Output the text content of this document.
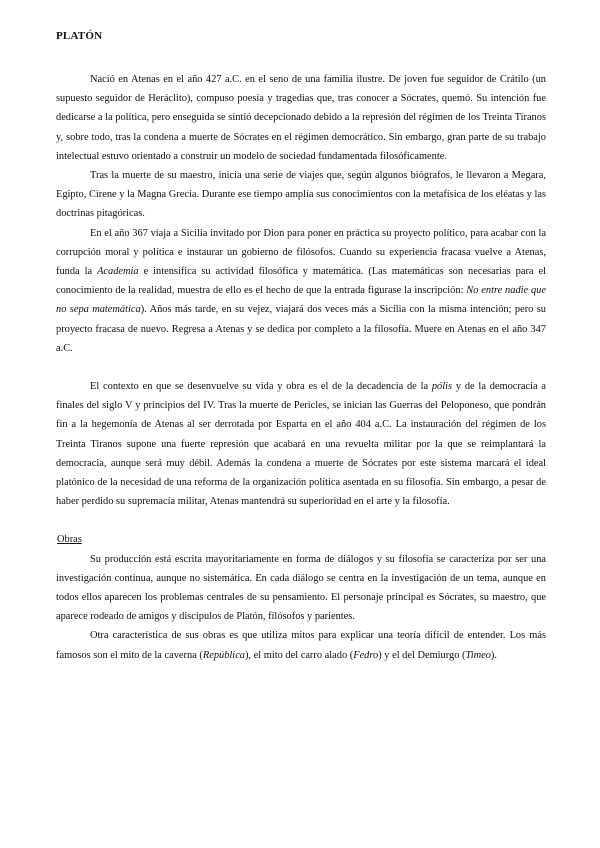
PLATÓN

Nació en Atenas en el año 427 a.C. en el seno de una familia ilustre. De joven fue seguidor de Crátilo (un supuesto seguidor de Heráclito), compuso poesía y tragedias que, tras conocer a Sócrates, quemó. Su intención fue dedicarse a la política, pero enseguida se sintió decepcionado debido a la represión del régimen de los Treinta Tiranos y, sobre todo, tras la condena a muerte de Sócrates en el régimen democrático. Sin embargo, gran parte de su trabajo intelectual estuvo orientado a construir un modelo de sociedad fundamentada filosóficamente.

Tras la muerte de su maestro, inicia una serie de viajes que, según algunos biógrafos, le llevaron a Megara, Egipto, Cirene y la Magna Grecia. Durante ese tiempo amplía sus conocimientos con la metafísica de los eléatas y las doctrinas pitagóricas.

En el año 367 viaja a Sicilia invitado por Dion para poner en práctica su proyecto político, para acabar con la corrupción moral y política e instaurar un gobierno de filósofos. Cuando su experiencia fracasa vuelve a Atenas, funda la Academia e intensifica su actividad filosófica y matemática. (Las matemáticas son necesarias para el conocimiento de la realidad, muestra de ello es el hecho de que la entrada figurase la inscripción: No entre nadie que no sepa matemática). Años más tarde, en su vejez, viajará dos veces más a Sicilia con la misma intención; pero su proyecto fracasa de nuevo. Regresa a Atenas y se dedica por completo a la filosofía. Muere en Atenas en el año 347 a.C.

El contexto en que se desenvuelve su vida y obra es el de la decadencia de la pólis y de la democracia a finales del siglo V y principios del IV. Tras la muerte de Pericles, se inician las Guerras del Peloponeso, que pondrán fin a la hegemonía de Atenas al ser derrotada por Esparta en el año 404 a.C. La instauración del régimen de los Treinta Tiranos supone una fuerte represión que acabará en una revuelta militar por la que se reimplantará la democracia, aunque será muy débil. Además la condena a muerte de Sócrates por este sistema marcará el ideal platónico de la necesidad de una reforma de la organización política asentada en su filosofía. Sin embargo, a pesar de haber perdido su supremacía militar, Atenas mantendrá su superioridad en el arte y la filosofía.

Obras

Su producción está escrita mayoritariamente en forma de diálogos y su filosofía se caracteriza por ser una investigación continua, aunque no sistemática. En cada diálogo se centra en la investigación de un tema, aunque en todos ellos aparecen los problemas centrales de su pensamiento. El personaje principal es Sócrates, su maestro, que aparece rodeado de amigos y discípulos de Platón, filósofos y parientes.

Otra característica de sus obras es que utiliza mitos para explicar una teoría difícil de entender. Los más famosos son el mito de la caverna (República), el mito del carro alado (Fedro) y el del Demiurgo (Timeo).
